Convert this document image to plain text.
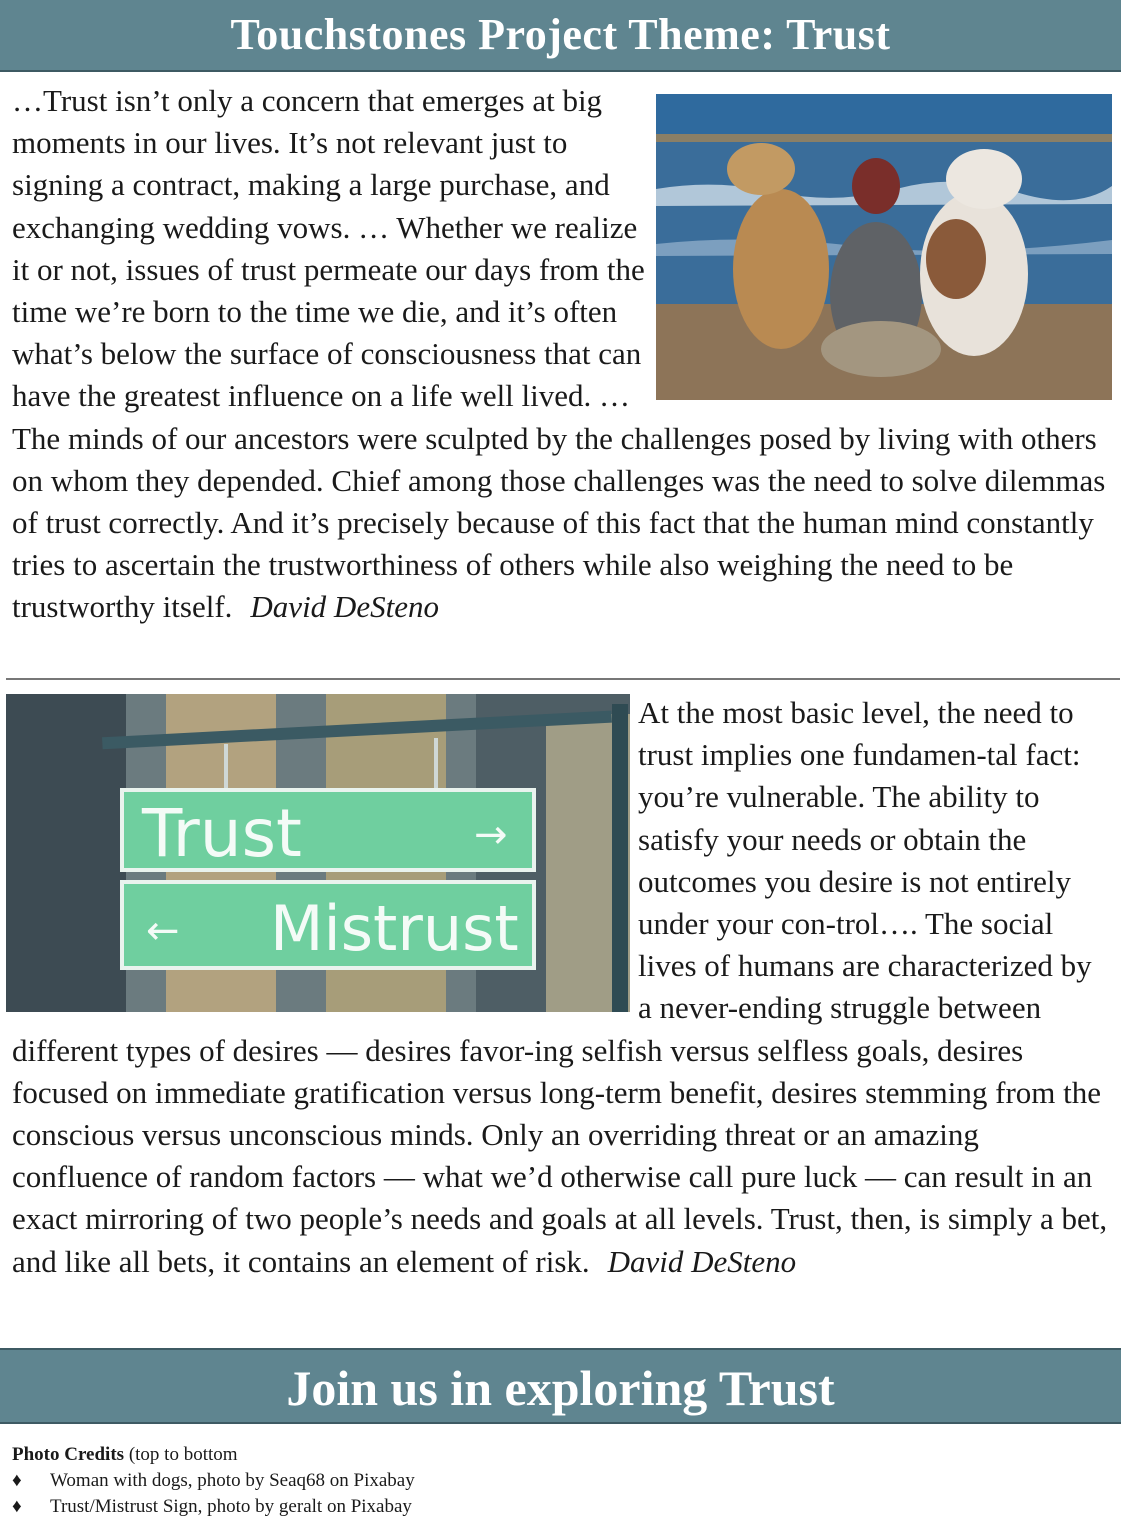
Touchstones Project Theme: Trust
…Trust isn’t only a concern that emerges at big moments in our lives. It’s not relevant just to signing a contract, making a large purchase, and exchanging wedding vows. … Whether we realize it or not, issues of trust permeate our days from the time we’re born to the time we die, and it’s often what’s below the surface of consciousness that can have the greatest influence on a life well lived. …The minds of our ancestors were sculpted by the challenges posed by living with others on whom they depended. Chief among those challenges was the need to solve dilemmas of trust correctly. And it’s precisely because of this fact that the human mind constantly tries to ascertain the trustworthiness of others while also weighing the need to be trustworthy itself. David DeSteno
Trust	→
← Mistrust
At the most basic level, the need to trust implies one fundamen-tal fact: you’re vulnerable. The ability to satisfy your needs or obtain the outcomes you desire is not entirely under your con-trol…. The social lives of humans are characterized by a never-ending struggle between different types of desires — desires favor-ing selfish versus selfless goals, desires focused on immediate gratification versus long-term benefit, desires stemming from the conscious versus unconscious minds. Only an overriding threat or an amazing confluence of random factors — what we’d otherwise call pure luck — can result in an exact mirroring of two people’s needs and goals at all levels. Trust, then, is simply a bet, and like all bets, it contains an element of risk. David DeSteno
Join us in exploring Trust
Photo Credits (top to bottom
♦ Woman with dogs, photo by Seaq68 on Pixabay
♦ Trust/Mistrust Sign, photo by geralt on Pixabay
